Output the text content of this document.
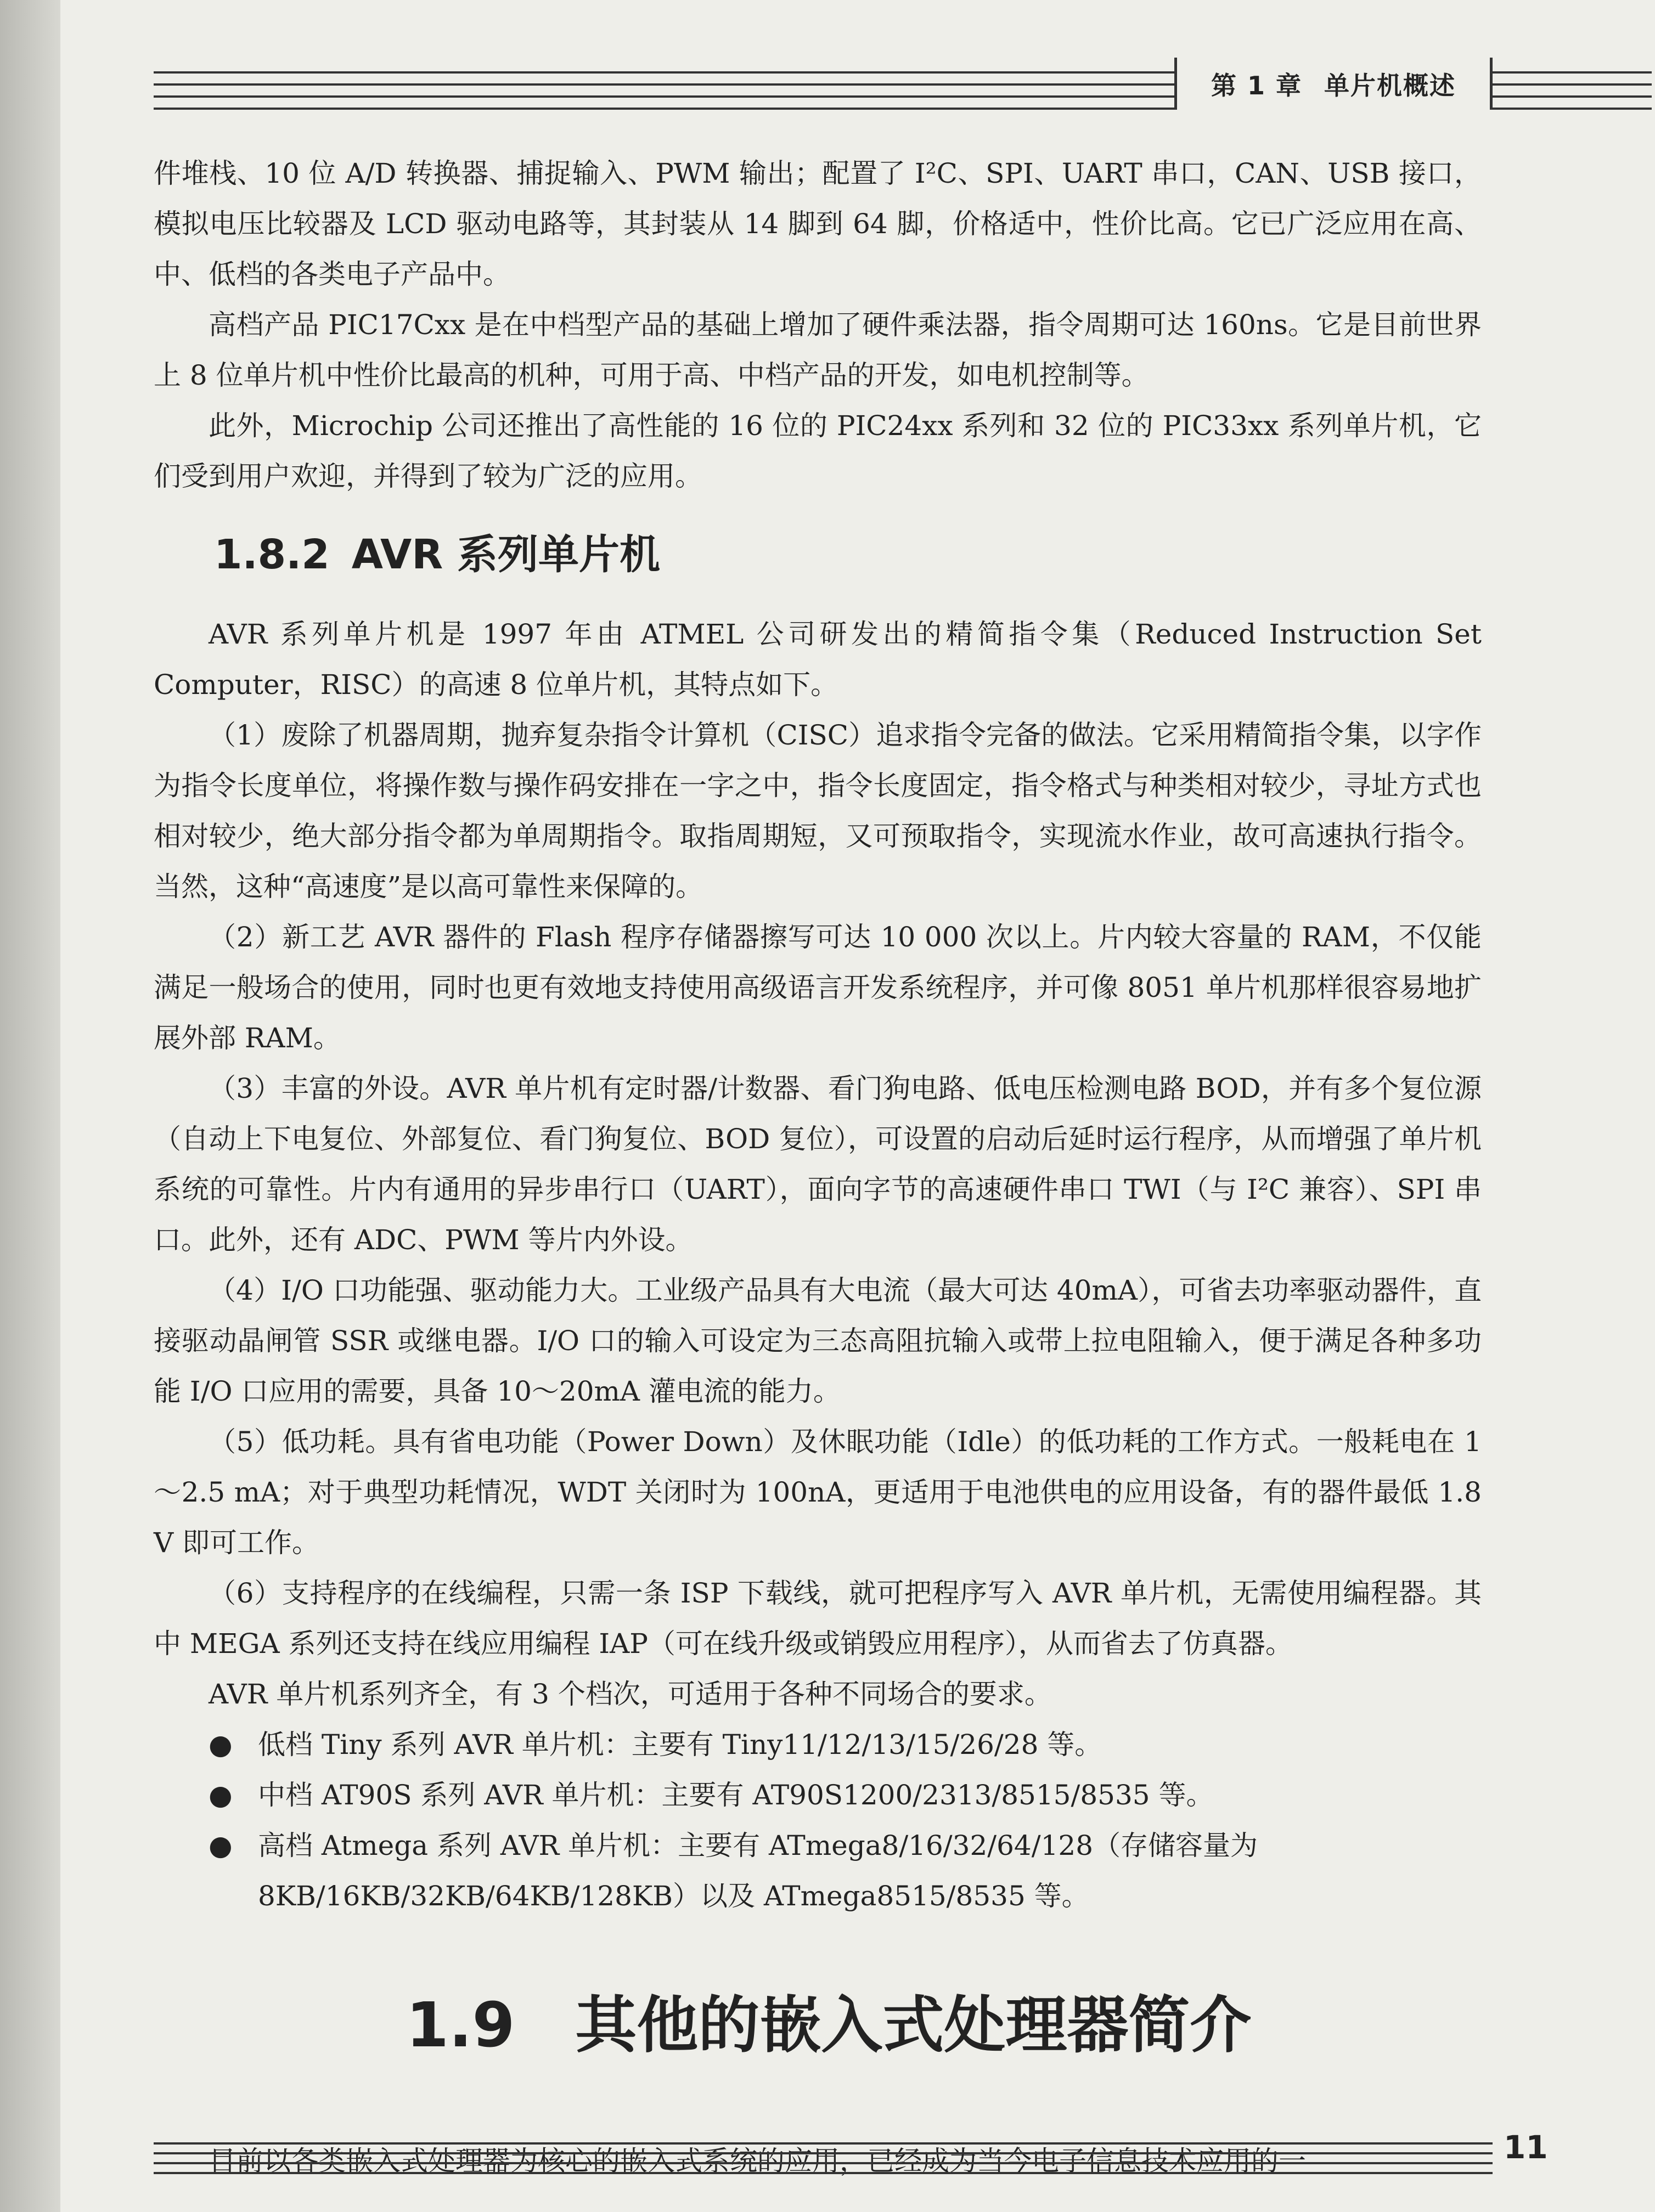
第 1 章 单片机概述

件堆栈、10 位 A/D 转换器、捕捉输入、PWM 输出；配置了 I²C、SPI、UART 串口，CAN、USB 接口，模拟电压比较器及 LCD 驱动电路等，其封装从 14 脚到 64 脚，价格适中，性价比高。它已广泛应用在高、中、低档的各类电子产品中。

高档产品 PIC17Cxx 是在中档型产品的基础上增加了硬件乘法器，指令周期可达 160ns。它是目前世界上 8 位单片机中性价比最高的机种，可用于高、中档产品的开发，如电机控制等。

此外，Microchip 公司还推出了高性能的 16 位的 PIC24xx 系列和 32 位的 PIC33xx 系列单片机，它们受到用户欢迎，并得到了较为广泛的应用。

1.8.2 AVR 系列单片机

AVR 系列单片机是 1997 年由 ATMEL 公司研发出的精简指令集（Reduced Instruction Set Computer，RISC）的高速 8 位单片机，其特点如下。

（1）废除了机器周期，抛弃复杂指令计算机（CISC）追求指令完备的做法。它采用精简指令集，以字作为指令长度单位，将操作数与操作码安排在一字之中，指令长度固定，指令格式与种类相对较少，寻址方式也相对较少，绝大部分指令都为单周期指令。取指周期短，又可预取指令，实现流水作业，故可高速执行指令。当然，这种“高速度”是以高可靠性来保障的。

（2）新工艺 AVR 器件的 Flash 程序存储器擦写可达 10 000 次以上。片内较大容量的 RAM，不仅能满足一般场合的使用，同时也更有效地支持使用高级语言开发系统程序，并可像 8051 单片机那样很容易地扩展外部 RAM。

（3）丰富的外设。AVR 单片机有定时器/计数器、看门狗电路、低电压检测电路 BOD，并有多个复位源（自动上下电复位、外部复位、看门狗复位、BOD 复位），可设置的启动后延时运行程序，从而增强了单片机系统的可靠性。片内有通用的异步串行口（UART），面向字节的高速硬件串口 TWI（与 I²C 兼容）、SPI 串口。此外，还有 ADC、PWM 等片内外设。

（4）I/O 口功能强、驱动能力大。工业级产品具有大电流（最大可达 40mA），可省去功率驱动器件，直接驱动晶闸管 SSR 或继电器。I/O 口的输入可设定为三态高阻抗输入或带上拉电阻输入，便于满足各种多功能 I/O 口应用的需要，具备 10～20mA 灌电流的能力。

（5）低功耗。具有省电功能（Power Down）及休眠功能（Idle）的低功耗的工作方式。一般耗电在 1～2.5 mA；对于典型功耗情况，WDT 关闭时为 100nA，更适用于电池供电的应用设备，有的器件最低 1.8 V 即可工作。

（6）支持程序的在线编程，只需一条 ISP 下载线，就可把程序写入 AVR 单片机，无需使用编程器。其中 MEGA 系列还支持在线应用编程 IAP（可在线升级或销毁应用程序），从而省去了仿真器。

AVR 单片机系列齐全，有 3 个档次，可适用于各种不同场合的要求。

● 低档 Tiny 系列 AVR 单片机：主要有 Tiny11/12/13/15/26/28 等。

● 中档 AT90S 系列 AVR 单片机：主要有 AT90S1200/2313/8515/8535 等。

● 高档 Atmega 系列 AVR 单片机：主要有 ATmega8/16/32/64/128（存储容量为 8KB/16KB/32KB/64KB/128KB）以及 ATmega8515/8535 等。

1.9 其他的嵌入式处理器简介

目前以各类嵌入式处理器为核心的嵌入式系统的应用，已经成为当今电子信息技术应用的一	11
